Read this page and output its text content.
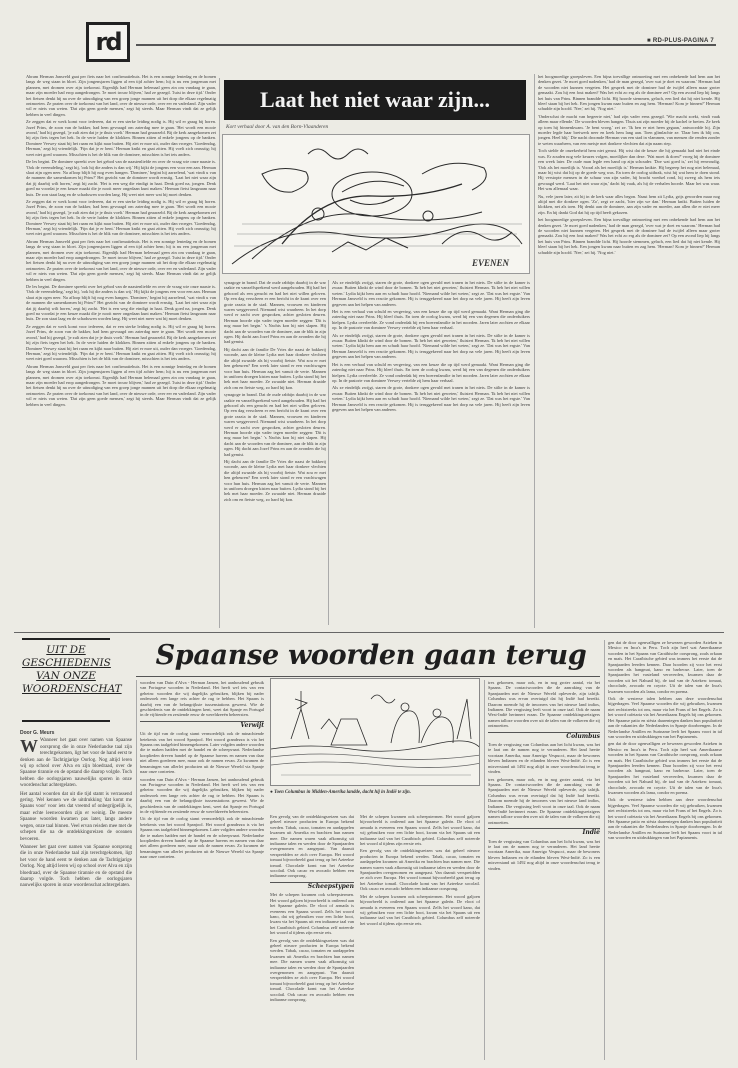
rd	■ RD-PLUS-PAGINA 7

Abram Herman Jansveld gaat per fiets naar het confirmatiehuis. Het is een zonnige lentedag en de bomen langs de weg staan in bloei. Zijn jongensjaren liggen al een tijd achter hem; hij is nu een jongeman met plannen, met dromen over zijn toekomst. Eigenlijk had Herman helemaal geen zin om vandaag te gaan, maar zijn moeder had erop aangedrongen. 'Je moet trouw blijven,' had ze gezegd. 'Juist in deze tijd.' Onder het fietsen denkt hij na over de uitnodiging van een groep jonge mannen uit het dorp die elkaar regelmatig ontmoeten. Ze praten over de toekomst van het land, over de nieuwe orde, over eer en vaderland. Zijn vader wil er niets van weten. 'Dat zijn geen goede mensen,' zegt hij steeds. Maar Herman vindt dat ze gelijk hebben in veel dingen.

Ze zeggen dat er werk komt voor iedereen, dat er een sterke leiding nodig is. Hij wil er graag bij horen. Jozef Prins, de zoon van de bakker, had hem gevraagd om zaterdag mee te gaan. 'Het wordt een mooie avond,' had hij gezegd, 'je zult zien dat je je thuis voelt.' Herman had geaarzeld. Bij de kerk aangekomen zet hij zijn fiets tegen het hek. In de verte luiden de klokken. Binnen zitten al enkele jongens op de banken. Dominee Verwey staat bij het raam en kijkt naar buiten. Hij ziet er moe uit, ouder dan vroeger. 'Goedendag, Herman,' zegt hij vriendelijk. 'Fijn dat je er bent.' Herman knikt en gaat zitten. Hij voelt zich onrustig; hij weet niet goed waarom. Misschien is het de blik van de dominee, misschien is het iets anders.

De les begint. De dominee spreekt over het gebod van de naastenliefde en over de vraag wie onze naaste is. 'Ook de vreemdeling,' zegt hij, 'ook hij die anders is dan wij.' Hij kijkt de jongens een voor een aan. Herman slaat zijn ogen neer. Na afloop blijft hij nog even hangen. 'Dominee,' begint hij aarzelend, 'wat vindt u van de mannen die samenkomen bij Prins?' Het gezicht van de dominee wordt ernstig. 'Laat het niet waar zijn dat jij daarbij wilt horen,' zegt hij zacht. 'Het is een weg die eindigt in haat. Denk goed na, jongen. Denk goed na voordat je een keuze maakt die je nooit meer ongedaan kunt maken.' Herman fietst langzaam naar huis. De zon staat laag en de schaduwen worden lang. Hij weet niet meer wat hij moet denken.

Ze zeggen dat er werk komt voor iedereen, dat er een sterke leiding nodig is. Hij wil er graag bij horen. Jozef Prins, de zoon van de bakker, had hem gevraagd om zaterdag mee te gaan. 'Het wordt een mooie avond,' had hij gezegd, 'je zult zien dat je je thuis voelt.' Herman had geaarzeld. Bij de kerk aangekomen zet hij zijn fiets tegen het hek. In de verte luiden de klokken. Binnen zitten al enkele jongens op de banken. Dominee Verwey staat bij het raam en kijkt naar buiten. Hij ziet er moe uit, ouder dan vroeger. 'Goedendag, Herman,' zegt hij vriendelijk. 'Fijn dat je er bent.' Herman knikt en gaat zitten. Hij voelt zich onrustig; hij weet niet goed waarom. Misschien is het de blik van de dominee, misschien is het iets anders.

Abram Herman Jansveld gaat per fiets naar het confirmatiehuis. Het is een zonnige lentedag en de bomen langs de weg staan in bloei. Zijn jongensjaren liggen al een tijd achter hem; hij is nu een jongeman met plannen, met dromen over zijn toekomst. Eigenlijk had Herman helemaal geen zin om vandaag te gaan, maar zijn moeder had erop aangedrongen. 'Je moet trouw blijven,' had ze gezegd. 'Juist in deze tijd.' Onder het fietsen denkt hij na over de uitnodiging van een groep jonge mannen uit het dorp die elkaar regelmatig ontmoeten. Ze praten over de toekomst van het land, over de nieuwe orde, over eer en vaderland. Zijn vader wil er niets van weten. 'Dat zijn geen goede mensen,' zegt hij steeds. Maar Herman vindt dat ze gelijk hebben in veel dingen.

De les begint. De dominee spreekt over het gebod van de naastenliefde en over de vraag wie onze naaste is. 'Ook de vreemdeling,' zegt hij, 'ook hij die anders is dan wij.' Hij kijkt de jongens een voor een aan. Herman slaat zijn ogen neer. Na afloop blijft hij nog even hangen. 'Dominee,' begint hij aarzelend, 'wat vindt u van de mannen die samenkomen bij Prins?' Het gezicht van de dominee wordt ernstig. 'Laat het niet waar zijn dat jij daarbij wilt horen,' zegt hij zacht. 'Het is een weg die eindigt in haat. Denk goed na, jongen. Denk goed na voordat je een keuze maakt die je nooit meer ongedaan kunt maken.' Herman fietst langzaam naar huis. De zon staat laag en de schaduwen worden lang. Hij weet niet meer wat hij moet denken.

Ze zeggen dat er werk komt voor iedereen, dat er een sterke leiding nodig is. Hij wil er graag bij horen. Jozef Prins, de zoon van de bakker, had hem gevraagd om zaterdag mee te gaan. 'Het wordt een mooie avond,' had hij gezegd, 'je zult zien dat je je thuis voelt.' Herman had geaarzeld. Bij de kerk aangekomen zet hij zijn fiets tegen het hek. In de verte luiden de klokken. Binnen zitten al enkele jongens op de banken. Dominee Verwey staat bij het raam en kijkt naar buiten. Hij ziet er moe uit, ouder dan vroeger. 'Goedendag, Herman,' zegt hij vriendelijk. 'Fijn dat je er bent.' Herman knikt en gaat zitten. Hij voelt zich onrustig; hij weet niet goed waarom. Misschien is het de blik van de dominee, misschien is het iets anders.

Abram Herman Jansveld gaat per fiets naar het confirmatiehuis. Het is een zonnige lentedag en de bomen langs de weg staan in bloei. Zijn jongensjaren liggen al een tijd achter hem; hij is nu een jongeman met plannen, met dromen over zijn toekomst. Eigenlijk had Herman helemaal geen zin om vandaag te gaan, maar zijn moeder had erop aangedrongen. 'Je moet trouw blijven,' had ze gezegd. 'Juist in deze tijd.' Onder het fietsen denkt hij na over de uitnodiging van een groep jonge mannen uit het dorp die elkaar regelmatig ontmoeten. Ze praten over de toekomst van het land, over de nieuwe orde, over eer en vaderland. Zijn vader wil er niets van weten. 'Dat zijn geen goede mensen,' zegt hij steeds. Maar Herman vindt dat ze gelijk hebben in veel dingen.

Laat het niet waar zijn...
Kort verhaal door A. van den Born-Vlaanderen
EVENEN

synagoge in brand. Dat de oude rabbijn daarbij in de war raakte en vanzelfsprekend werd aangehouden. Hij had het gehoord als een gerucht en had het niet willen geloven. Op een dag verscheen er een bericht in de krant over een grote razzia in de stad. Mannen, vrouwen en kinderen waren weggevoerd. Niemand wist waarheen. In het dorp werd er zacht over gesproken, achter gesloten deuren. Herman hoorde zijn vader tegen moeder zeggen: 'Dit is nog maar het begin.' 's Nachts kon hij niet slapen. Hij dacht aan de woorden van de dominee, aan de blik in zijn ogen. Hij dacht aan Jozef Prins en aan de avonden die hij had gemist.

Hij dacht aan de familie De Vries die naast de bakkerij woonde, aan de kleine Lydia met haar donkere vlechten die altijd zwaaide als hij voorbij fietste. Wat zou er met hen gebeuren? Een week later stond er een vrachtwagen voor hun huis. Herman zag het vanuit de verte. Mannen in uniform droegen kisten naar buiten. Lydia stond bij het hek met haar moeder. Ze zwaaide niet. Herman draaide zich om en fietste weg, zo hard hij kon.

synagoge in brand. Dat de oude rabbijn daarbij in de war raakte en vanzelfsprekend werd aangehouden. Hij had het gehoord als een gerucht en had het niet willen geloven. Op een dag verscheen er een bericht in de krant over een grote razzia in de stad. Mannen, vrouwen en kinderen waren weggevoerd. Niemand wist waarheen. In het dorp werd er zacht over gesproken, achter gesloten deuren. Herman hoorde zijn vader tegen moeder zeggen: 'Dit is nog maar het begin.' 's Nachts kon hij niet slapen. Hij dacht aan de woorden van de dominee, aan de blik in zijn ogen. Hij dacht aan Jozef Prins en aan de avonden die hij had gemist.

Hij dacht aan de familie De Vries die naast de bakkerij woonde, aan de kleine Lydia met haar donkere vlechten die altijd zwaaide als hij voorbij fietste. Wat zou er met hen gebeuren? Een week later stond er een vrachtwagen voor hun huis. Herman zag het vanuit de verte. Mannen in uniform droegen kisten naar buiten. Lydia stond bij het hek met haar moeder. Ze zwaaide niet. Herman draaide zich om en fietste weg, zo hard hij kon.

Als ze eindelijk zwijgt, staren de grote, donkere ogen gevuld met tranen in het niets. De stilte in de kamer is zwaar. Buiten klinkt de wind door de bomen. 'Ik heb het niet geweten,' fluistert Herman. 'Ik heb het niet willen weten.' Lydia kijkt hem aan en schudt haar hoofd. 'Niemand wilde het weten,' zegt ze. 'Dat was het ergste.' Van Herman Jansveld is een reactie gekomen. Hij is teruggekeerd naar het dorp na vele jaren. Hij heeft zijn leven gegeven aan het helpen van anderen.

Het is een verhaal van schuld en vergeving, van een keuze die op tijd werd gemaakt. Want Herman ging die zaterdag niet naar Prins. Hij bleef thuis. En toen de oorlog kwam, werd hij een van degenen die onderduikers hielpen. Lydia overleefde. Ze vond onderdak bij een boerenfamilie in het noorden. Jaren later zochten ze elkaar op. In de pastorie van dominee Verwey vertelde zij hem haar verhaal.

Als ze eindelijk zwijgt, staren de grote, donkere ogen gevuld met tranen in het niets. De stilte in de kamer is zwaar. Buiten klinkt de wind door de bomen. 'Ik heb het niet geweten,' fluistert Herman. 'Ik heb het niet willen weten.' Lydia kijkt hem aan en schudt haar hoofd. 'Niemand wilde het weten,' zegt ze. 'Dat was het ergste.' Van Herman Jansveld is een reactie gekomen. Hij is teruggekeerd naar het dorp na vele jaren. Hij heeft zijn leven gegeven aan het helpen van anderen.

Het is een verhaal van schuld en vergeving, van een keuze die op tijd werd gemaakt. Want Herman ging die zaterdag niet naar Prins. Hij bleef thuis. En toen de oorlog kwam, werd hij een van degenen die onderduikers hielpen. Lydia overleefde. Ze vond onderdak bij een boerenfamilie in het noorden. Jaren later zochten ze elkaar op. In de pastorie van dominee Verwey vertelde zij hem haar verhaal.

Als ze eindelijk zwijgt, staren de grote, donkere ogen gevuld met tranen in het niets. De stilte in de kamer is zwaar. Buiten klinkt de wind door de bomen. 'Ik heb het niet geweten,' fluistert Herman. 'Ik heb het niet willen weten.' Lydia kijkt hem aan en schudt haar hoofd. 'Niemand wilde het weten,' zegt ze. 'Dat was het ergste.' Van Herman Jansveld is een reactie gekomen. Hij is teruggekeerd naar het dorp na vele jaren. Hij heeft zijn leven gegeven aan het helpen van anderen.

het hoogmoedige groepsleven. Een bijna toevallige ontmoeting met een onbekende had hem aan het denken gezet. 'Je moet goed nadenken,' had de man gezegd, 'over wat je doet en waarom.' Herman had de woorden niet kunnen vergeten. Het gesprek met de dominee had de twijfel alleen maar groter gemaakt. Zou hij een fout maken? Was het echt zo erg als de dominee zei? Op een avond liep hij langs het huis van Prins. Binnen brandde licht. Hij hoorde stemmen, gelach, een lied dat hij niet kende. Hij bleef staan bij het hek. Een jongen kwam naar buiten en zag hem. 'Herman! Kom je binnen?' Herman schudde zijn hoofd. 'Nee,' zei hij. 'Nog niet.'

'Onderschat de macht van begeerte niet,' had zijn vader eens gezegd. 'Wie macht zoekt, vindt vaak alleen maar ellende.' De woorden bleven hangen. Thuis zat zijn moeder bij de kachel te breien. Ze keek op toen hij binnenkwam. 'Je bent vroeg,' zei ze. 'Ik ben er niet heen gegaan,' antwoordde hij. Zijn moeder legde haar breiwerk neer en keek hem lang aan. Toen glimlachte ze. 'Daar ben ik blij om, jongen. Heel blij.' Die nacht droomde Herman van een stad in vlammen, van mensen die renden zonder te weten waarheen, van een meisje met donkere vlechten dat zijn naam riep.

Toch stelde de onzekerheid hem niet gerust. Hij wist dat de keuze die hij gemaakt had niet het einde was. Er zouden nog vele keuzes volgen, moeilijker dan deze. 'Wat moet ik doen?' vroeg hij de dominee een week later. De oude man legde een hand op zijn schouder. 'Doe wat goed is,' zei hij eenvoudig. 'Ook als het moeilijk is. Vooral als het moeilijk is.' Herman knikte. Hij begreep het nog niet helemaal, maar hij wist dat hij op de goede weg was. En toen de oorlog uitbrak, wist hij wat hem te doen stond. Hij verstopte mensen in de schuur van zijn vader, hij bracht voedsel rond, hij zweeg als hem iets gevraagd werd. 'Laat het niet waar zijn,' dacht hij vaak, als hij de verhalen hoorde. Maar het was waar. Het was allemaal waar.

Nu, vele jaren later, zit hij in de kerk waar alles begon. Naast hem zit Lydia, grijs geworden maar nog altijd met die donkere ogen. 'Zo', zegt ze zacht, 'hier zijn we dan.' Herman knikt. Buiten luiden de klokken, net als toen. Hij denkt aan de dominee, aan zijn vader en moeder, aan allen die er niet meer zijn. En hij dankt God dat hij op tijd heeft gekozen.

het hoogmoedige groepsleven. Een bijna toevallige ontmoeting met een onbekende had hem aan het denken gezet. 'Je moet goed nadenken,' had de man gezegd, 'over wat je doet en waarom.' Herman had de woorden niet kunnen vergeten. Het gesprek met de dominee had de twijfel alleen maar groter gemaakt. Zou hij een fout maken? Was het echt zo erg als de dominee zei? Op een avond liep hij langs het huis van Prins. Binnen brandde licht. Hij hoorde stemmen, gelach, een lied dat hij niet kende. Hij bleef staan bij het hek. Een jongen kwam naar buiten en zag hem. 'Herman! Kom je binnen?' Herman schudde zijn hoofd. 'Nee,' zei hij. 'Nog niet.'

UIT DE
GESCHIEDENIS
VAN ONZE
WOORDENSCHAT
Spaanse woorden gaan terug

Door G. Meurs

W Wanneer het gaat over namen van Spaanse oorsprong die in onze Nederlandse taal zijn terechtgekomen, ligt het voor de hand eerst te denken aan de Tachtigjarige Oorlog. Nog altijd leren wij op school over Alva en zijn bloedraad, over de Spaanse tirannie en de opstand die daarop volgde. Toch hebben die oorlogsjaren nauwelijks sporen in onze woordenschat achtergelaten.

Het aantal woorden dat uit die tijd stamt is verrassend gering. Wel kennen we de uitdrukking 'dat komt me Spaans voor' voor iets dat vreemd of onbegrijpelijk is, maar echte leenwoorden zijn er weinig. De meeste Spaanse woorden kwamen pas later, langs andere wegen, onze taal binnen. Veel ervan reisden mee met de schepen die na de ontdekkingsreizen de oceanen bevoeren.

Wanneer het gaat over namen van Spaanse oorsprong die in onze Nederlandse taal zijn terechtgekomen, ligt het voor de hand eerst te denken aan de Tachtigjarige Oorlog. Nog altijd leren wij op school over Alva en zijn bloedraad, over de Spaanse tirannie en de opstand die daarop volgde. Toch hebben die oorlogsjaren nauwelijks sporen in onze woordenschat achtergelaten.

woorden van Duin d'Alva - Herman Jansen, het aanhoudend gebruik van Portugese woorden in Nederland. Het heeft wel iets van een geheim: woorden die wij dagelijks gebruiken, blijken bij nader onderzoek een lange reis achter de rug te hebben. Het Spaans is daarbij een van de belangrijkste tussenstations geweest. Wie de geschiedenis van de ontdekkingen kent, weet dat Spanje en Portugal in de vijftiende en zestiende eeuw de wereldzeeën beheersten.

Verwijt

Uit de tijd van de oorlog stamt vermoedelijk ook de minachtende betekenis van het woord Spanjool. Het woord grandezza is via het Spaans ons taalgebied binnengekomen. Later volgden andere woorden die te maken hadden met de handel en de scheepvaart. Nederlandse kooplieden dreven handel op de Spaanse havens en namen van daar niet alleen goederen mee, maar ook de namen ervan. Zo kwamen de benamingen van allerlei producten uit de Nieuwe Wereld via Spanje naar onze contreien.

woorden van Duin d'Alva - Herman Jansen, het aanhoudend gebruik van Portugese woorden in Nederland. Het heeft wel iets van een geheim: woorden die wij dagelijks gebruiken, blijken bij nader onderzoek een lange reis achter de rug te hebben. Het Spaans is daarbij een van de belangrijkste tussenstations geweest. Wie de geschiedenis van de ontdekkingen kent, weet dat Spanje en Portugal in de vijftiende en zestiende eeuw de wereldzeeën beheersten.

Uit de tijd van de oorlog stamt vermoedelijk ook de minachtende betekenis van het woord Spanjool. Het woord grandezza is via het Spaans ons taalgebied binnengekomen. Later volgden andere woorden die te maken hadden met de handel en de scheepvaart. Nederlandse kooplieden dreven handel op de Spaanse havens en namen van daar niet alleen goederen mee, maar ook de namen ervan. Zo kwamen de benamingen van allerlei producten uit de Nieuwe Wereld via Spanje naar onze contreien.

● Toen Columbus in Midden-Amerika landde, dacht hij in Indië te zijn.

Een gevolg van de ontdekkingsreizen was dat geheel nieuwe producten in Europa bekend werden. Tabak, cacao, tomaten en aardappelen kwamen uit Amerika en brachten hun namen mee. Die namen waren vaak afkomstig uit indiaanse talen en werden door de Spanjaarden overgenomen en aangepast. Van daaruit verspreidden ze zich over Europa. Het woord tomaat bijvoorbeeld gaat terug op het Azteekse tomatl. Chocolade komt van het Azteekse xocolatl. Ook cacao en avocado hebben een indiaanse oorsprong.

Scheepstypen

Met de schepen kwamen ook scheepstermen. Het woord galjoen bijvoorbeeld is ontleend aan het Spaanse galeón. De vloot of armada is eveneens een Spaans woord. Zelfs het woord kano, dat wij gebruiken voor een lichte boot, kwam via het Spaans uit een indiaanse taal van het Caraïbisch gebied. Columbus zelf noteerde het woord al tijdens zijn eerste reis.

Een gevolg van de ontdekkingsreizen was dat geheel nieuwe producten in Europa bekend werden. Tabak, cacao, tomaten en aardappelen kwamen uit Amerika en brachten hun namen mee. Die namen waren vaak afkomstig uit indiaanse talen en werden door de Spanjaarden overgenomen en aangepast. Van daaruit verspreidden ze zich over Europa. Het woord tomaat bijvoorbeeld gaat terug op het Azteekse tomatl. Chocolade komt van het Azteekse xocolatl. Ook cacao en avocado hebben een indiaanse oorsprong.

Met de schepen kwamen ook scheepstermen. Het woord galjoen bijvoorbeeld is ontleend aan het Spaanse galeón. De vloot of armada is eveneens een Spaans woord. Zelfs het woord kano, dat wij gebruiken voor een lichte boot, kwam via het Spaans uit een indiaanse taal van het Caraïbisch gebied. Columbus zelf noteerde het woord al tijdens zijn eerste reis.

Een gevolg van de ontdekkingsreizen was dat geheel nieuwe producten in Europa bekend werden. Tabak, cacao, tomaten en aardappelen kwamen uit Amerika en brachten hun namen mee. Die namen waren vaak afkomstig uit indiaanse talen en werden door de Spanjaarden overgenomen en aangepast. Van daaruit verspreidden ze zich over Europa. Het woord tomaat bijvoorbeeld gaat terug op het Azteekse tomatl. Chocolade komt van het Azteekse xocolatl. Ook cacao en avocado hebben een indiaanse oorsprong.

Met de schepen kwamen ook scheepstermen. Het woord galjoen bijvoorbeeld is ontleend aan het Spaanse galeón. De vloot of armada is eveneens een Spaans woord. Zelfs het woord kano, dat wij gebruiken voor een lichte boot, kwam via het Spaans uit een indiaanse taal van het Caraïbisch gebied. Columbus zelf noteerde het woord al tijdens zijn eerste reis.

tres gekomen, maar ook, en in nog groter aantal, via het Spaans. De contactwoorden die de aanraking van de Spanjaarden met de Nieuwe Wereld opleverde, zijn talrijk. Columbus was ervan overtuigd dat hij Indië had bereikt. Daarom noemde hij de inwoners van het nieuwe land indios, Indianen. Die vergissing leeft voort in onze taal. Ook de naam West-Indië herinnert eraan. De Spaanse ontdekkingsreizigers namen talloze woorden over uit de talen van de volkeren die zij ontmoetten.

Columbus

Toen de vergissing van Columbus aan het licht kwam, was het te laat om de namen nog te veranderen. Het land heette voortaan Amerika, naar Amerigo Vespucci, maar de bewoners bleven Indianen en de eilanden bleven West-Indië. Zo is een misverstand uit 1492 nog altijd in onze woordenschat terug te vinden.

tres gekomen, maar ook, en in nog groter aantal, via het Spaans. De contactwoorden die de aanraking van de Spanjaarden met de Nieuwe Wereld opleverde, zijn talrijk. Columbus was ervan overtuigd dat hij Indië had bereikt. Daarom noemde hij de inwoners van het nieuwe land indios, Indianen. Die vergissing leeft voort in onze taal. Ook de naam West-Indië herinnert eraan. De Spaanse ontdekkingsreizigers namen talloze woorden over uit de talen van de volkeren die zij ontmoetten.

Indië

Toen de vergissing van Columbus aan het licht kwam, was het te laat om de namen nog te veranderen. Het land heette voortaan Amerika, naar Amerigo Vespucci, maar de bewoners bleven Indianen en de eilanden bleven West-Indië. Zo is een misverstand uit 1492 nog altijd in onze woordenschat terug te vinden.

gen dat de door ogenvalligen ze bewezen geworden Azteken in Mexico en Inca's in Peru. Toch zijn heel wat Amerikaanse woorden in het Spaans van Caraïbische oorsprong, zoals orkaan en maïs. Het Caraïbische gebied was immers het eerste dat de Spanjaarden leerden kennen. Daar hoorden zij voor het eerst woorden als hangmat, kano en barbecue. Later, toen de Spanjaarden het vasteland veroverden, kwamen daar de woorden uit het Nahuatl bij, de taal van de Azteken: tomaat, chocolade, avocado en coyote. Uit de talen van de Inca's kwamen woorden als lama, condor en poema.

Ook de westerse talen hebben aan deze woordenschat bijgedragen. Veel Spaanse woorden die wij gebruiken, kwamen niet rechtstreeks tot ons, maar via het Frans of het Engels. Zo is het woord cafetaria via het Amerikaans Engels bij ons gekomen. Het Spaanse patio en siësta daarentegen danken hun populariteit aan de vakanties die Nederlanders in Spanje doorbrengen. In de Nederlandse Antillen en Suriname leeft het Spaans voort in tal van woorden en uitdrukkingen van het Papiaments.

gen dat de door ogenvalligen ze bewezen geworden Azteken in Mexico en Inca's in Peru. Toch zijn heel wat Amerikaanse woorden in het Spaans van Caraïbische oorsprong, zoals orkaan en maïs. Het Caraïbische gebied was immers het eerste dat de Spanjaarden leerden kennen. Daar hoorden zij voor het eerst woorden als hangmat, kano en barbecue. Later, toen de Spanjaarden het vasteland veroverden, kwamen daar de woorden uit het Nahuatl bij, de taal van de Azteken: tomaat, chocolade, avocado en coyote. Uit de talen van de Inca's kwamen woorden als lama, condor en poema.

Ook de westerse talen hebben aan deze woordenschat bijgedragen. Veel Spaanse woorden die wij gebruiken, kwamen niet rechtstreeks tot ons, maar via het Frans of het Engels. Zo is het woord cafetaria via het Amerikaans Engels bij ons gekomen. Het Spaanse patio en siësta daarentegen danken hun populariteit aan de vakanties die Nederlanders in Spanje doorbrengen. In de Nederlandse Antillen en Suriname leeft het Spaans voort in tal van woorden en uitdrukkingen van het Papiaments.
